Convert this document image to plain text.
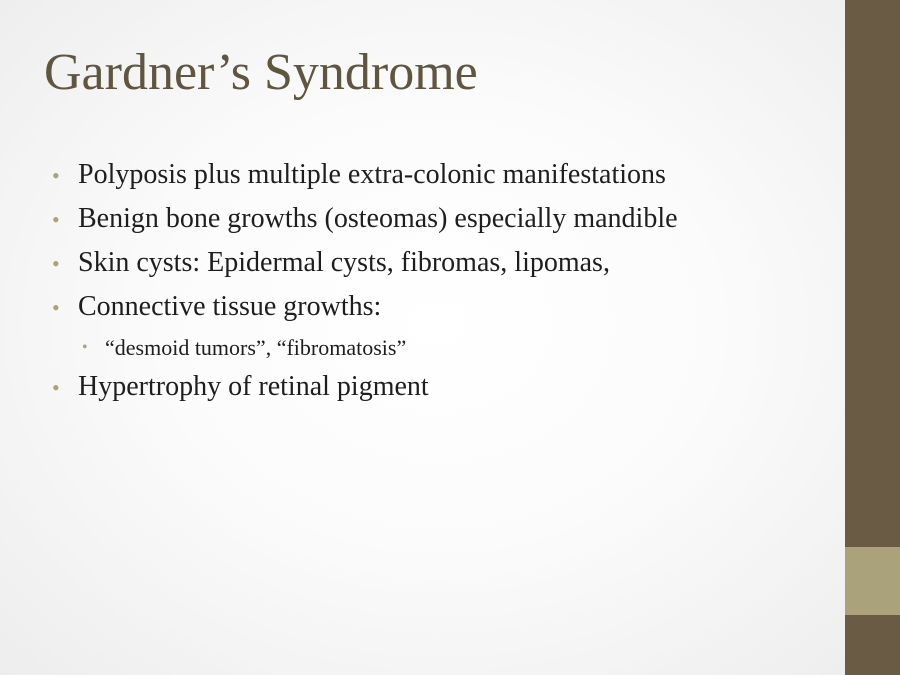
Gardner’s Syndrome
• Polyposis plus multiple extra-colonic manifestations
• Benign bone growths (osteomas) especially mandible
• Skin cysts: Epidermal cysts, fibromas, lipomas,
• Connective tissue growths:
• “desmoid tumors”, “fibromatosis”
• Hypertrophy of retinal pigment
